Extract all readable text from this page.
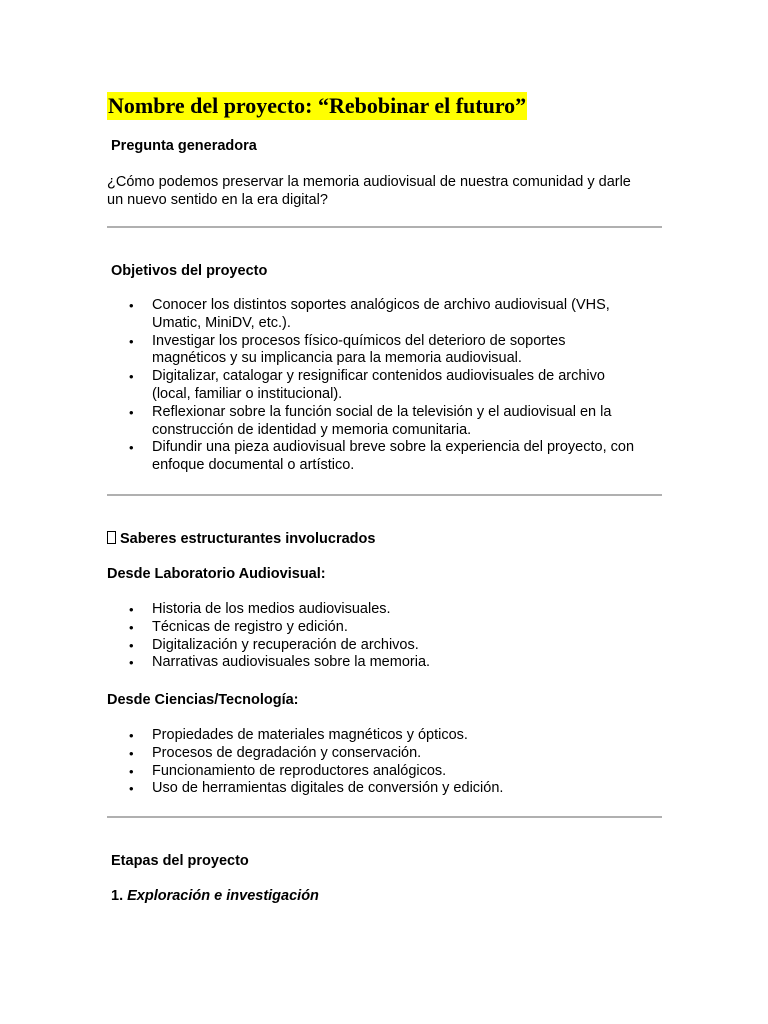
Nombre del proyecto: “Rebobinar el futuro”
Pregunta generadora
¿Cómo podemos preservar la memoria audiovisual de nuestra comunidad y darle
un nuevo sentido en la era digital?
Objetivos del proyecto
• Conocer los distintos soportes analógicos de archivo audiovisual (VHS,
Umatic, MiniDV, etc.).
• Investigar los procesos físico-químicos del deterioro de soportes
magnéticos y su implicancia para la memoria audiovisual.
• Digitalizar, catalogar y resignificar contenidos audiovisuales de archivo
(local, familiar o institucional).
• Reflexionar sobre la función social de la televisión y el audiovisual en la
construcción de identidad y memoria comunitaria.
• Difundir una pieza audiovisual breve sobre la experiencia del proyecto, con
enfoque documental o artístico.
Saberes estructurantes involucrados
Desde Laboratorio Audiovisual:
• Historia de los medios audiovisuales.
• Técnicas de registro y edición.
• Digitalización y recuperación de archivos.
• Narrativas audiovisuales sobre la memoria.
Desde Ciencias/Tecnología:
• Propiedades de materiales magnéticos y ópticos.
• Procesos de degradación y conservación.
• Funcionamiento de reproductores analógicos.
• Uso de herramientas digitales de conversión y edición.
Etapas del proyecto
1. Exploración e investigación
